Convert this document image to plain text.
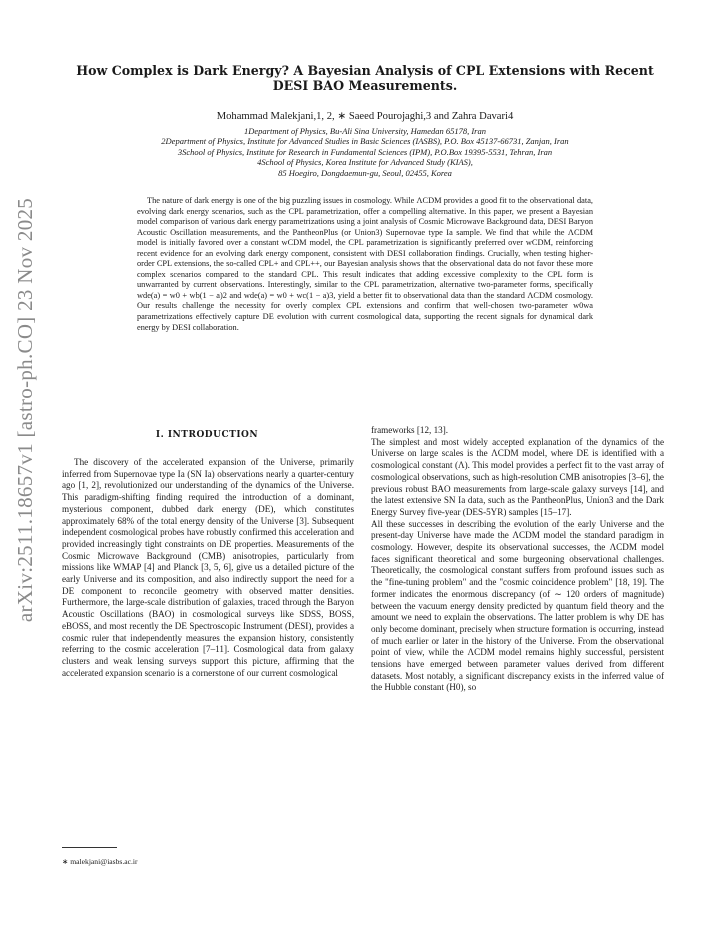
arXiv:2511.18657v1 [astro-ph.CO] 23 Nov 2025
How Complex is Dark Energy? A Bayesian Analysis of CPL Extensions with Recent DESI BAO Measurements.
Mohammad Malekjani,1, 2, ∗ Saeed Pourojaghi,3 and Zahra Davari4
1Department of Physics, Bu-Ali Sina University, Hamedan 65178, Iran
2Department of Physics, Institute for Advanced Studies in Basic Sciences (IASBS), P.O. Box 45137-66731, Zanjan, Iran
3School of Physics, Institute for Research in Fundamental Sciences (IPM), P.O.Box 19395-5531, Tehran, Iran
4School of Physics, Korea Institute for Advanced Study (KIAS),
85 Hoegiro, Dongdaemun-gu, Seoul, 02455, Korea
The nature of dark energy is one of the big puzzling issues in cosmology. While ΛCDM provides a good fit to the observational data, evolving dark energy scenarios, such as the CPL parametrization, offer a compelling alternative. In this paper, we present a Bayesian model comparison of various dark energy parametrizations using a joint analysis of Cosmic Microwave Background data, DESI Baryon Acoustic Oscillation measurements, and the PantheonPlus (or Union3) Supernovae type Ia sample. We find that while the ΛCDM model is initially favored over a constant wCDM model, the CPL parametrization is significantly preferred over wCDM, reinforcing recent evidence for an evolving dark energy component, consistent with DESI collaboration findings. Crucially, when testing higher-order CPL extensions, the so-called CPL+ and CPL++, our Bayesian analysis shows that the observational data do not favor these more complex scenarios compared to the standard CPL. This result indicates that adding excessive complexity to the CPL form is unwarranted by current observations. Interestingly, similar to the CPL parametrization, alternative two-parameter forms, specifically wde(a) = w0 + wb(1 − a)2 and wde(a) = w0 + wc(1 − a)3, yield a better fit to observational data than the standard ΛCDM cosmology. Our results challenge the necessity for overly complex CPL extensions and confirm that well-chosen two-parameter w0wa parametrizations effectively capture DE evolution with current cosmological data, supporting the recent signals for dynamical dark energy by DESI collaboration.
I. INTRODUCTION

The discovery of the accelerated expansion of the Universe, primarily inferred from Supernovae type Ia (SN Ia) observations nearly a quarter-century ago [1, 2], revolutionized our understanding of the dynamics of the Universe. This paradigm-shifting finding required the introduction of a dominant, mysterious component, dubbed dark energy (DE), which constitutes approximately 68% of the total energy density of the Universe [3]. Subsequent independent cosmological probes have robustly confirmed this acceleration and provided increasingly tight constraints on DE properties. Measurements of the Cosmic Microwave Background (CMB) anisotropies, particularly from missions like WMAP [4] and Planck [3, 5, 6], give us a detailed picture of the early Universe and its composition, and also indirectly support the need for a DE component to reconcile geometry with observed matter densities. Furthermore, the large-scale distribution of galaxies, traced through the Baryon Acoustic Oscillations (BAO) in cosmological surveys like SDSS, BOSS, eBOSS, and most recently the DE Spectroscopic Instrument (DESI), provides a cosmic ruler that independently measures the expansion history, consistently referring to the cosmic acceleration [7–11]. Cosmological data from galaxy clusters and weak lensing surveys support this picture, affirming that the accelerated expansion scenario is a cornerstone of our current cosmological

frameworks [12, 13].

The simplest and most widely accepted explanation of the dynamics of the Universe on large scales is the ΛCDM model, where DE is identified with a cosmological constant (Λ). This model provides a perfect fit to the vast array of cosmological observations, such as high-resolution CMB anisotropies [3–6], the previous robust BAO measurements from large-scale galaxy surveys [14], and the latest extensive SN Ia data, such as the PantheonPlus, Union3 and the Dark Energy Survey five-year (DES-5YR) samples [15–17].

All these successes in describing the evolution of the early Universe and the present-day Universe have made the ΛCDM model the standard paradigm in cosmology. However, despite its observational successes, the ΛCDM model faces significant theoretical and some burgeoning observational challenges. Theoretically, the cosmological constant suffers from profound issues such as the "fine-tuning problem" and the "cosmic coincidence problem" [18, 19]. The former indicates the enormous discrepancy (of ∼ 120 orders of magnitude) between the vacuum energy density predicted by quantum field theory and the amount we need to explain the observations. The latter problem is why DE has only become dominant, precisely when structure formation is occurring, instead of much earlier or later in the history of the Universe. From the observational point of view, while the ΛCDM model remains highly successful, persistent tensions have emerged between parameter values derived from different datasets. Most notably, a significant discrepancy exists in the inferred value of the Hubble constant (H0), so

∗ malekjani@iasbs.ac.ir
